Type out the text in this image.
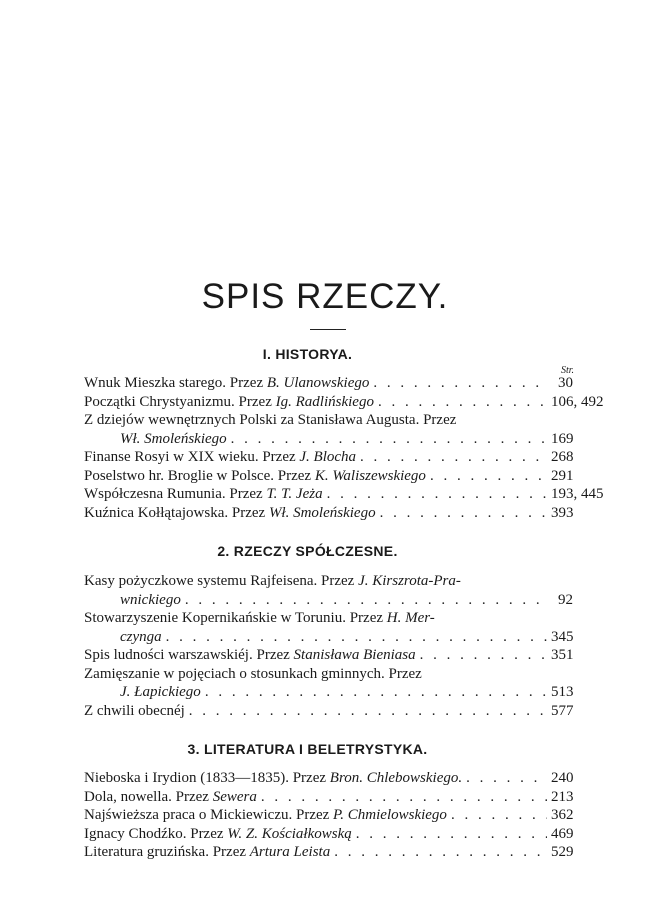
SPIS RZECZY.
I. HISTORYA.
Str.
Wnuk Mieszka starego. Przez B. Ulanowskiego . . .	30
Początki Chrystyanizmu. Przez Ig. Radlińskiego . . .	106, 492
Z dziejów wewnętrznych Polski za Stanisława Augusta. Przez
Wł. Smoleńskiego . . .	169
Finanse Rosyi w XIX wieku. Przez J. Blocha . . .	268
Poselstwo hr. Broglie w Polsce. Przez K. Waliszewskiego . . .	291
Współczesna Rumunia. Przez T. T. Jeża . . .	193, 445
Kuźnica Kołłątajowska. Przez Wł. Smoleńskiego . . .	393
2. RZECZY SPÓŁCZESNE.
Kasy pożyczkowe systemu Rajfeisena. Przez J. Kirszrota-Pra-
wnickiego . . .	92
Stowarzyszenie Kopernikańskie w Toruniu. Przez H. Mer-
czynga . . .	345
Spis ludności warszawskiéj. Przez Stanisława Bieniasa . . .	351
Zamięszanie w pojęciach o stosunkach gminnych. Przez
J. Łapickiego . . .	513
Z chwili obecnéj . . .	577
3. LITERATURA I BELETRYSTYKA.
Nieboska i Irydion (1833—1835). Przez Bron. Chlebowskiego. . . .	240
Dola, nowella. Przez Sewera . . .	213
Najświeższa praca o Mickiewiczu. Przez P. Chmielowskiego . . .	362
Ignacy Chodźko. Przez W. Z. Kościałkowską . . .	469
Literatura gruzińska. Przez Artura Leista . . .	529
